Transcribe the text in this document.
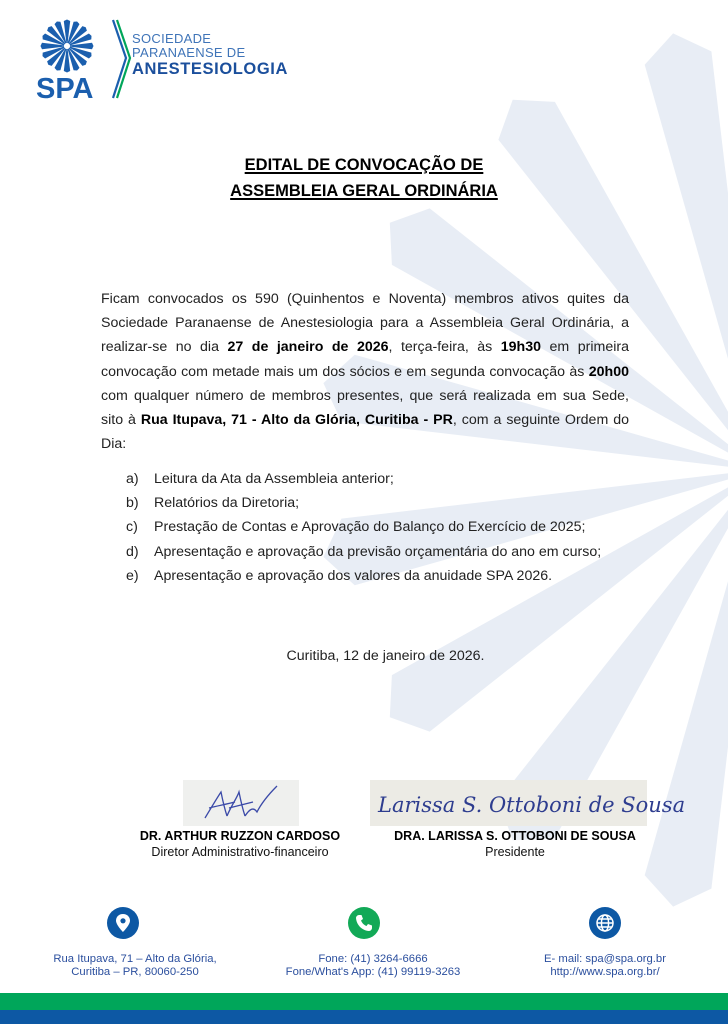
SPA
SOCIEDADE
PARANAENSE DE
ANESTESIOLOGIA
EDITAL DE CONVOCAÇÃO DE
ASSEMBLEIA GERAL ORDINÁRIA
Ficam convocados os 590 (Quinhentos e Noventa) membros ativos quites da Sociedade Paranaense de Anestesiologia para a Assembleia Geral Ordinária, a realizar-se no dia 27 de janeiro de 2026, terça-feira, às 19h30 em primeira convocação com metade mais um dos sócios e em segunda convocação às 20h00 com qualquer número de membros presentes, que será realizada em sua Sede, sito à Rua Itupava, 71 - Alto da Glória, Curitiba - PR, com a seguinte Ordem do Dia:
a)	Leitura da Ata da Assembleia anterior;
b)	Relatórios da Diretoria;
c)	Prestação de Contas e Aprovação do Balanço do Exercício de 2025;
d)	Apresentação e aprovação da previsão orçamentária do ano em curso;
e)	Apresentação e aprovação dos valores da anuidade SPA 2026.
Curitiba, 12 de janeiro de 2026.
Larissa S. Ottoboni de Sousa
DR. ARTHUR RUZZON CARDOSO
Diretor Administrativo-financeiro
DRA. LARISSA S. OTTOBONI DE SOUSA
Presidente
Rua Itupava, 71 – Alto da Glória,
Curitiba – PR, 80060-250
Fone: (41) 3264-6666
Fone/What's App: (41) 99119-3263
E- mail: spa@spa.org.br
http://www.spa.org.br/
